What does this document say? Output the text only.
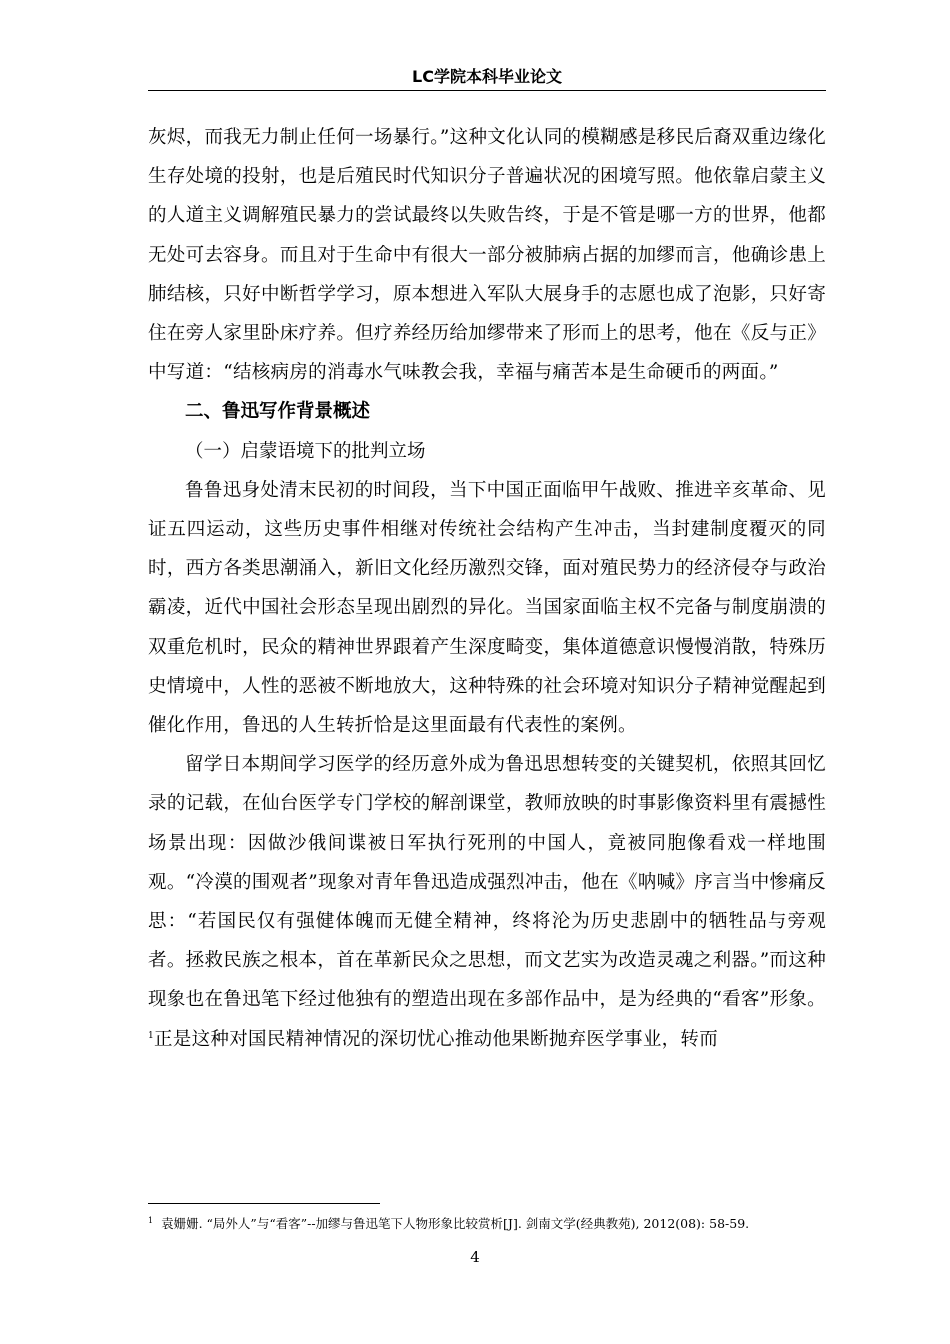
LC学院本科毕业论文

灰烬，而我无力制止任何一场暴行。”这种文化认同的模糊感是移民后裔双重边缘化生存处境的投射，也是后殖民时代知识分子普遍状况的困境写照。他依靠启蒙主义的人道主义调解殖民暴力的尝试最终以失败告终，于是不管是哪一方的世界，他都无处可去容身。而且对于生命中有很大一部分被肺病占据的加缪而言，他确诊患上肺结核，只好中断哲学学习，原本想进入军队大展身手的志愿也成了泡影，只好寄住在旁人家里卧床疗养。但疗养经历给加缪带来了形而上的思考，他在《反与正》中写道：“结核病房的消毒水气味教会我，幸福与痛苦本是生命硬币的两面。”

二、鲁迅写作背景概述

（一）启蒙语境下的批判立场

鲁鲁迅身处清末民初的时间段，当下中国正面临甲午战败、推进辛亥革命、见证五四运动，这些历史事件相继对传统社会结构产生冲击，当封建制度覆灭的同时，西方各类思潮涌入，新旧文化经历激烈交锋，面对殖民势力的经济侵夺与政治霸凌，近代中国社会形态呈现出剧烈的异化。当国家面临主权不完备与制度崩溃的双重危机时，民众的精神世界跟着产生深度畸变，集体道德意识慢慢消散，特殊历史情境中，人性的恶被不断地放大，这种特殊的社会环境对知识分子精神觉醒起到催化作用，鲁迅的人生转折恰是这里面最有代表性的案例。

留学日本期间学习医学的经历意外成为鲁迅思想转变的关键契机，依照其回忆录的记载，在仙台医学专门学校的解剖课堂，教师放映的时事影像资料里有震撼性场景出现：因做沙俄间谍被日军执行死刑的中国人，竟被同胞像看戏一样地围观。“冷漠的围观者”现象对青年鲁迅造成强烈冲击，他在《呐喊》序言当中惨痛反思：“若国民仅有强健体魄而无健全精神，终将沦为历史悲剧中的牺牲品与旁观者。拯救民族之根本，首在革新民众之思想，而文艺实为改造灵魂之利器。”而这种现象也在鲁迅笔下经过他独有的塑造出现在多部作品中，是为经典的“看客”形象。$^1$正是这种对国民精神情况的深切忧心推动他果断抛弃医学事业，转而

$^1$ 袁姗姗. “局外人”与“看客”--加缪与鲁迅笔下人物形象比较赏析[J]. 剑南文学(经典教苑), 2012(08): 58-59.
4
